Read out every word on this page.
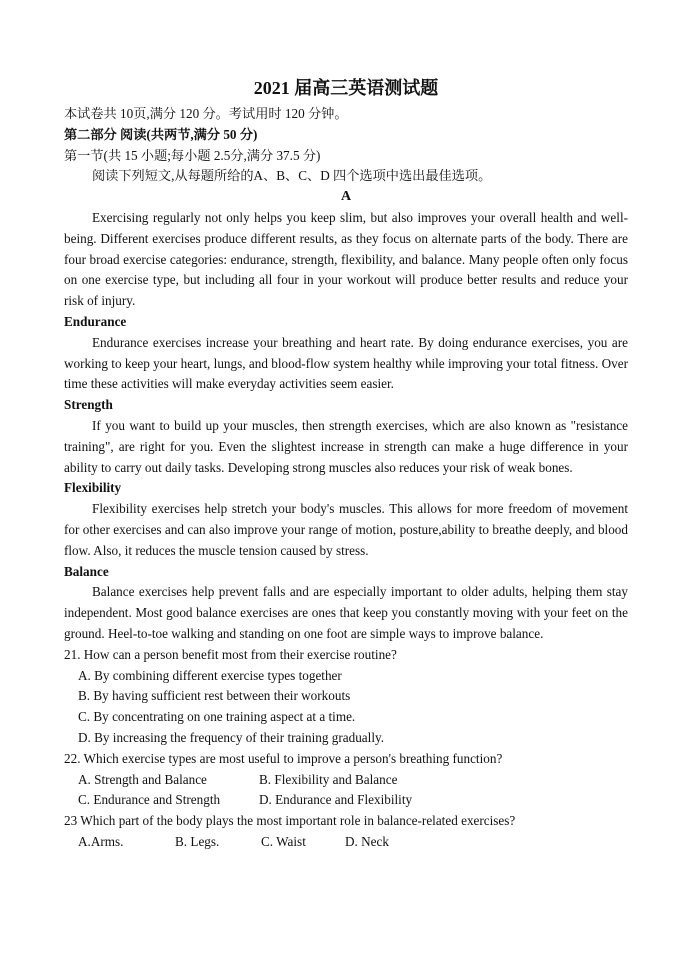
2021 届高三英语测试题

本试卷共 10页,满分 120 分。考试用时 120 分钟。

第二部分 阅读(共两节,满分 50 分)

第一节(共 15 小题;每小题 2.5分,满分 37.5 分)

阅读下列短文,从每题所给的A、B、C、D 四个选项中选出最佳选项。

A

Exercising regularly not only helps you keep slim, but also improves your overall health and well-being. Different exercises produce different results, as they focus on alternate parts of the body. There are four broad exercise categories: endurance, strength, flexibility, and balance. Many people often only focus on one exercise type, but including all four in your workout will produce better results and reduce your risk of injury.

Endurance

Endurance exercises increase your breathing and heart rate. By doing endurance exercises, you are working to keep your heart, lungs, and blood-flow system healthy while improving your total fitness. Over time these activities will make everyday activities seem easier.

Strength

If you want to build up your muscles, then strength exercises, which are also known as "resistance training", are right for you. Even the slightest increase in strength can make a huge difference in your ability to carry out daily tasks. Developing strong muscles also reduces your risk of weak bones.

Flexibility

Flexibility exercises help stretch your body's muscles. This allows for more freedom of movement for other exercises and can also improve your range of motion, posture,ability to breathe deeply, and blood flow. Also, it reduces the muscle tension caused by stress.

Balance

Balance exercises help prevent falls and are especially important to older adults, helping them stay independent. Most good balance exercises are ones that keep you constantly moving with your feet on the ground. Heel-to-toe walking and standing on one foot are simple ways to improve balance.

21. How can a person benefit most from their exercise routine?

A. By combining different exercise types together

B. By having sufficient rest between their workouts

C. By concentrating on one training aspect at a time.

D. By increasing the frequency of their training gradually.

22. Which exercise types are most useful to improve a person's breathing function?

A. Strength and Balance	B. Flexibility and Balance
C. Endurance and Strength	D. Endurance and Flexibility

23 Which part of the body plays the most important role in balance-related exercises?

A.Arms.	B. Legs.	C. Waist	D. Neck
